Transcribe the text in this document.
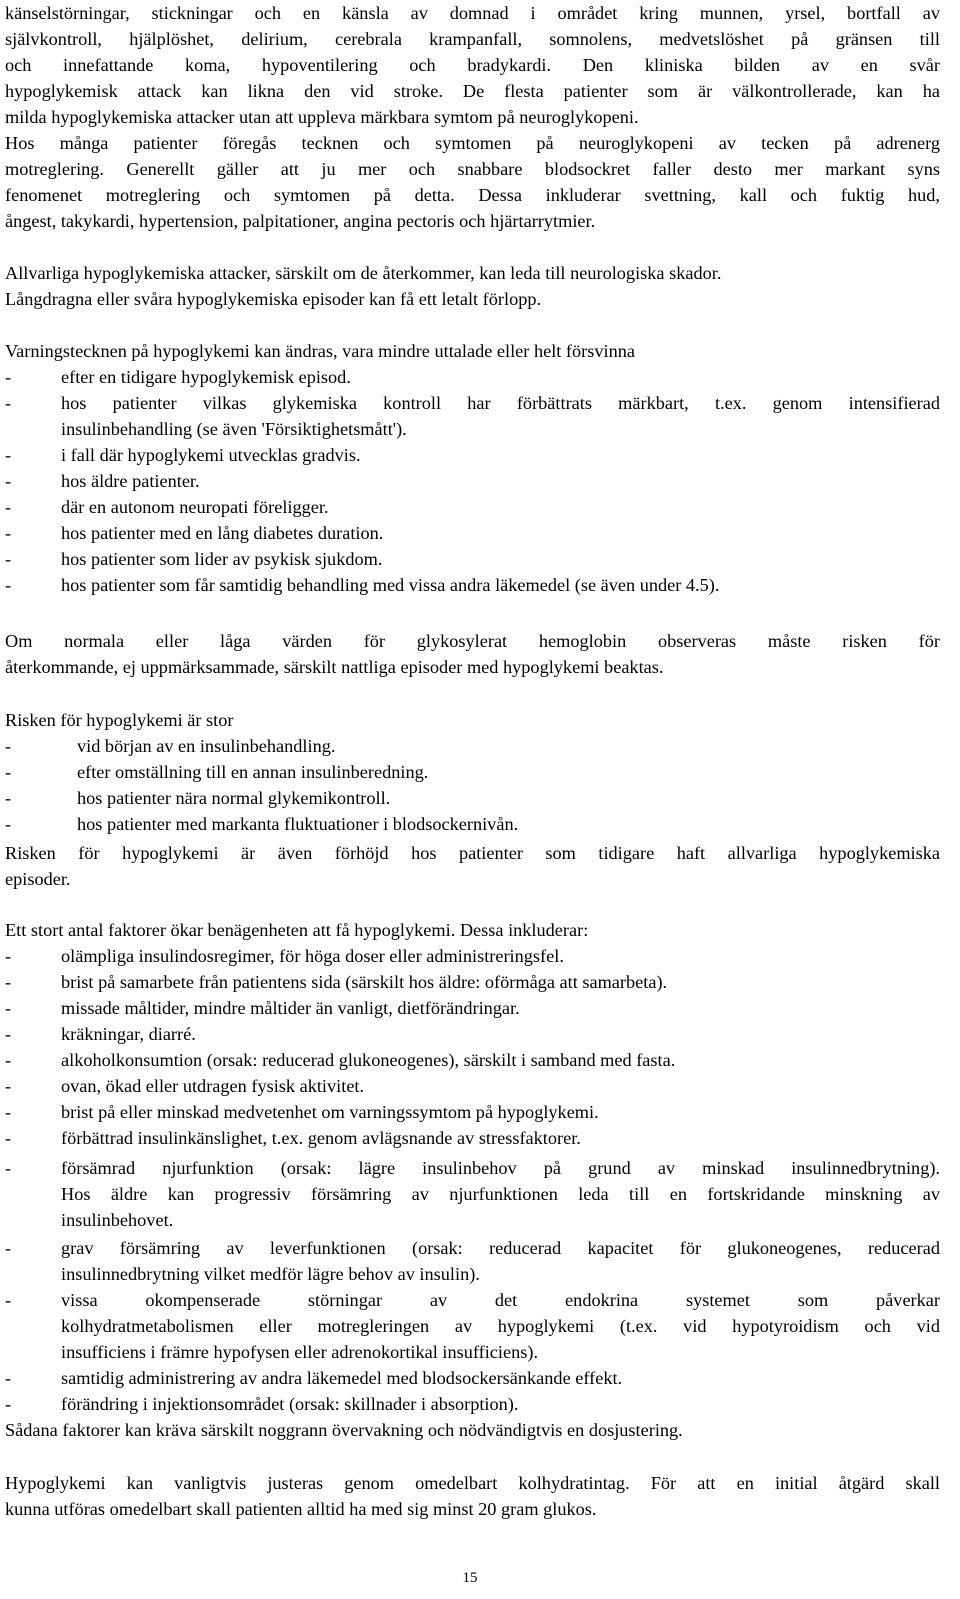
känselstörningar, stickningar och en känsla av domnad i området kring munnen, yrsel, bortfall av
självkontroll, hjälplöshet, delirium, cerebrala krampanfall, somnolens, medvetslöshet på gränsen till
och innefattande koma, hypoventilering och bradykardi. Den kliniska bilden av en svår
hypoglykemisk attack kan likna den vid stroke. De flesta patienter som är välkontrollerade, kan ha
milda hypoglykemiska attacker utan att uppleva märkbara symtom på neuroglykopeni.
Hos många patienter föregås tecknen och symtomen på neuroglykopeni av tecken på adrenerg
motreglering. Generellt gäller att ju mer och snabbare blodsockret faller desto mer markant syns
fenomenet motreglering och symtomen på detta. Dessa inkluderar svettning, kall och fuktig hud,
ångest, takykardi, hypertension, palpitationer, angina pectoris och hjärtarrytmier.
Allvarliga hypoglykemiska attacker, särskilt om de återkommer, kan leda till neurologiska skador.
Långdragna eller svåra hypoglykemiska episoder kan få ett letalt förlopp.
Varningstecknen på hypoglykemi kan ändras, vara mindre uttalade eller helt försvinna
-	efter en tidigare hypoglykemisk episod.
-	hos patienter vilkas glykemiska kontroll har förbättrats märkbart, t.ex. genom intensifierad
insulinbehandling (se även 'Försiktighetsmått').
-	i fall där hypoglykemi utvecklas gradvis.
-	hos äldre patienter.
-	där en autonom neuropati föreligger.
-	hos patienter med en lång diabetes duration.
-	hos patienter som lider av psykisk sjukdom.
-	hos patienter som får samtidig behandling med vissa andra läkemedel (se även under 4.5).
Om normala eller låga värden för glykosylerat hemoglobin observeras måste risken för
återkommande, ej uppmärksammade, särskilt nattliga episoder med hypoglykemi beaktas.
Risken för hypoglykemi är stor
-	vid början av en insulinbehandling.
-	efter omställning till en annan insulinberedning.
-	hos patienter nära normal glykemikontroll.
-	hos patienter med markanta fluktuationer i blodsockernivån.
Risken för hypoglykemi är även förhöjd hos patienter som tidigare haft allvarliga hypoglykemiska
episoder.
Ett stort antal faktorer ökar benägenheten att få hypoglykemi. Dessa inkluderar:
-	olämpliga insulindosregimer, för höga doser eller administreringsfel.
-	brist på samarbete från patientens sida (särskilt hos äldre: oförmåga att samarbeta).
-	missade måltider, mindre måltider än vanligt, dietförändringar.
-	kräkningar, diarré.
-	alkoholkonsumtion (orsak: reducerad glukoneogenes), särskilt i samband med fasta.
-	ovan, ökad eller utdragen fysisk aktivitet.
-	brist på eller minskad medvetenhet om varningssymtom på hypoglykemi.
-	förbättrad insulinkänslighet, t.ex. genom avlägsnande av stressfaktorer.
-	försämrad njurfunktion (orsak: lägre insulinbehov på grund av minskad insulinnedbrytning).
Hos äldre kan progressiv försämring av njurfunktionen leda till en fortskridande minskning av
insulinbehovet.
-	grav försämring av leverfunktionen (orsak: reducerad kapacitet för glukoneogenes, reducerad
insulinnedbrytning vilket medför lägre behov av insulin).
-	vissa okompenserade störningar av det endokrina systemet som påverkar
kolhydratmetabolismen eller motregleringen av hypoglykemi (t.ex. vid hypotyroidism och vid
insufficiens i främre hypofysen eller adrenokortikal insufficiens).
-	samtidig administrering av andra läkemedel med blodsockersänkande effekt.
-	förändring i injektionsområdet (orsak: skillnader i absorption).
Sådana faktorer kan kräva särskilt noggrann övervakning och nödvändigtvis en dosjustering.
Hypoglykemi kan vanligtvis justeras genom omedelbart kolhydratintag. För att en initial åtgärd skall
kunna utföras omedelbart skall patienten alltid ha med sig minst 20 gram glukos.
15
